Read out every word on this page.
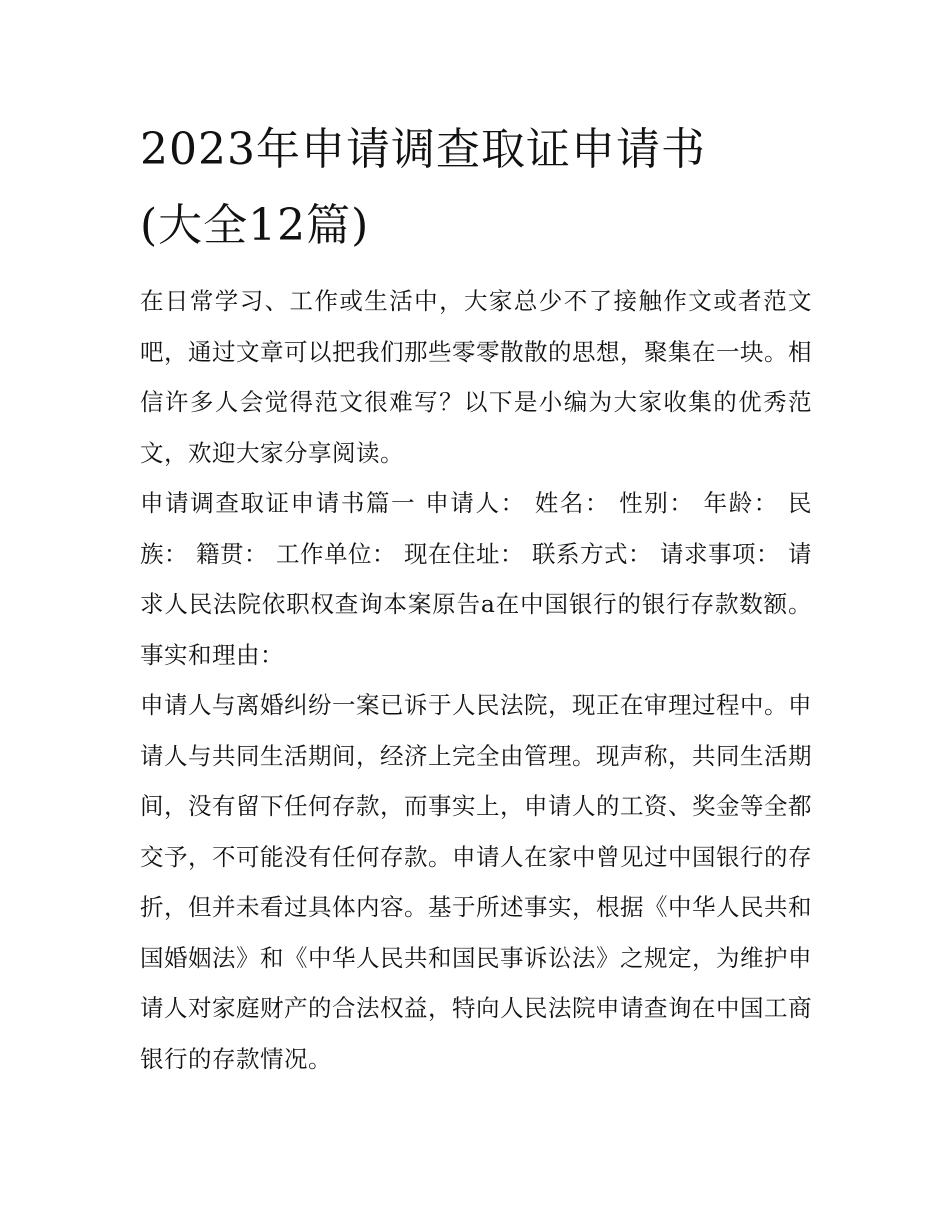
2023年申请调查取证申请书
(大全12篇)

在日常学习、工作或生活中，大家总少不了接触作文或者范文吧，通过文章可以把我们那些零零散散的思想，聚集在一块。相信许多人会觉得范文很难写？以下是小编为大家收集的优秀范文，欢迎大家分享阅读。

申请调查取证申请书篇一 申请人： 姓名： 性别： 年龄： 民族： 籍贯： 工作单位： 现在住址： 联系方式： 请求事项： 请求人民法院依职权查询本案原告a在中国银行的银行存款数额。 事实和理由：

申请人与离婚纠纷一案已诉于人民法院，现正在审理过程中。申请人与共同生活期间，经济上完全由管理。现声称，共同生活期间，没有留下任何存款，而事实上，申请人的工资、奖金等全都交予，不可能没有任何存款。申请人在家中曾见过中国银行的存折，但并未看过具体内容。基于所述事实，根据《中华人民共和国婚姻法》和《中华人民共和国民事诉讼法》之规定，为维护申请人对家庭财产的合法权益，特向人民法院申请查询在中国工商银行的存款情况。
